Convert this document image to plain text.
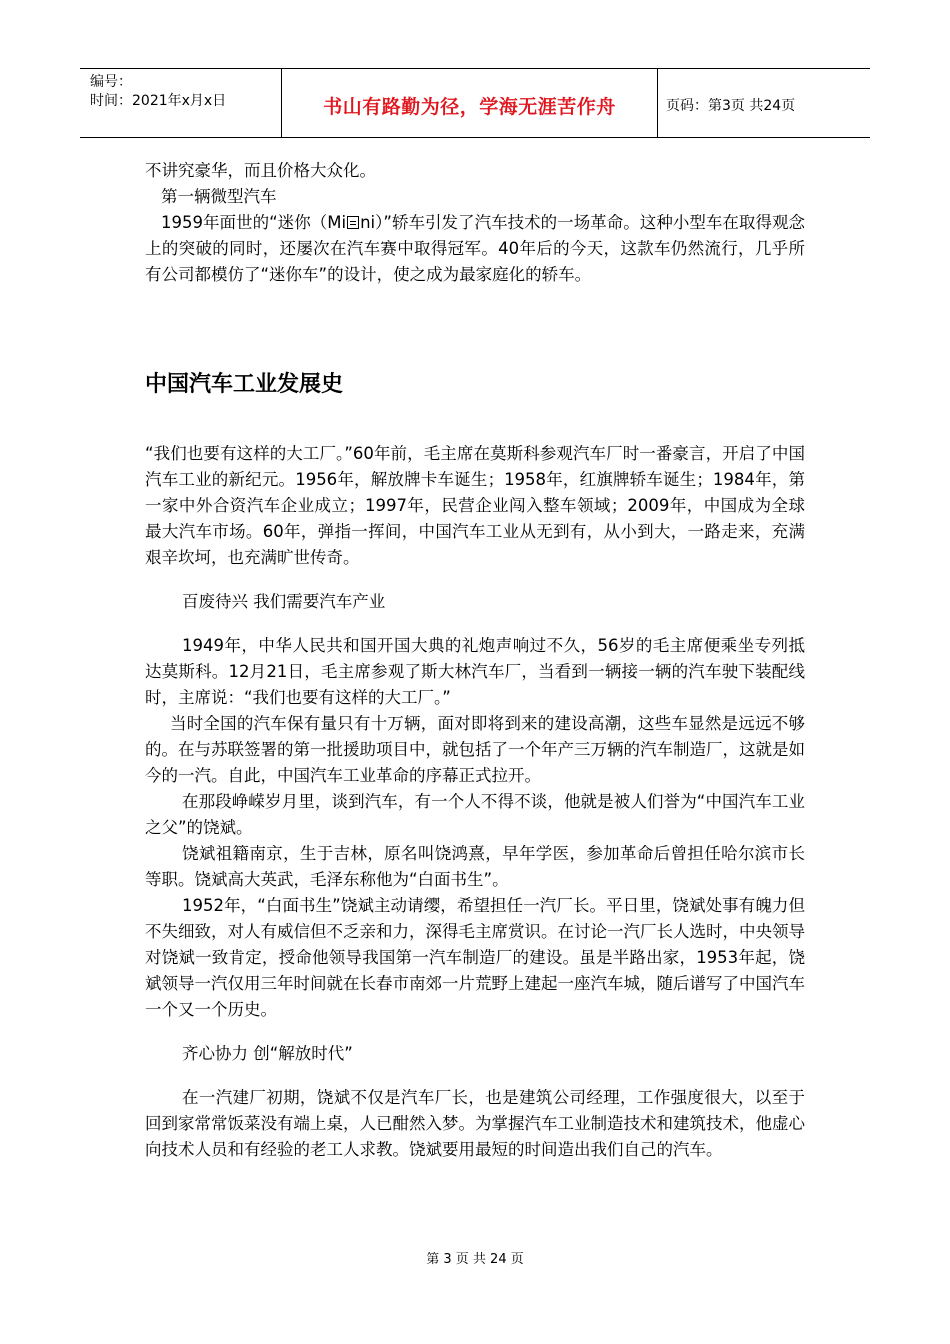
编号：
时间：2021年x月x日	书山有路勤为径，学海无涯苦作舟	页码：第3页 共24页

不讲究豪华，而且价格大众化。

第一辆微型汽车

1959年面世的“迷你（Mi ni）”轿车引发了汽车技术的一场革命。这种小型车在取得观念上的突破的同时，还屡次在汽车赛中取得冠军。40年后的今天，这款车仍然流行，几乎所有公司都模仿了“迷你车”的设计，使之成为最家庭化的轿车。

中国汽车工业发展史

“我们也要有这样的大工厂。”60年前，毛主席在莫斯科参观汽车厂时一番豪言，开启了中国汽车工业的新纪元。1956年，解放牌卡车诞生；1958年，红旗牌轿车诞生；1984年，第一家中外合资汽车企业成立；1997年，民营企业闯入整车领域；2009年，中国成为全球最大汽车市场。60年，弹指一挥间，中国汽车工业从无到有，从小到大，一路走来，充满艰辛坎坷，也充满旷世传奇。

百废待兴 我们需要汽车产业

1949年，中华人民共和国开国大典的礼炮声响过不久，56岁的毛主席便乘坐专列抵达莫斯科。12月21日，毛主席参观了斯大林汽车厂，当看到一辆接一辆的汽车驶下装配线时，主席说：“我们也要有这样的大工厂。”

当时全国的汽车保有量只有十万辆，面对即将到来的建设高潮，这些车显然是远远不够的。在与苏联签署的第一批援助项目中，就包括了一个年产三万辆的汽车制造厂，这就是如今的一汽。自此，中国汽车工业革命的序幕正式拉开。

在那段峥嵘岁月里，谈到汽车，有一个人不得不谈，他就是被人们誉为“中国汽车工业之父”的饶斌。

饶斌祖籍南京，生于吉林，原名叫饶鸿熹，早年学医，参加革命后曾担任哈尔滨市长等职。饶斌高大英武，毛泽东称他为“白面书生”。

1952年，“白面书生”饶斌主动请缨，希望担任一汽厂长。平日里，饶斌处事有魄力但不失细致，对人有威信但不乏亲和力，深得毛主席赏识。在讨论一汽厂长人选时，中央领导对饶斌一致肯定，授命他领导我国第一汽车制造厂的建设。虽是半路出家，1953年起，饶斌领导一汽仅用三年时间就在长春市南郊一片荒野上建起一座汽车城，随后谱写了中国汽车一个又一个历史。

齐心协力 创“解放时代”

在一汽建厂初期，饶斌不仅是汽车厂长，也是建筑公司经理，工作强度很大，以至于回到家常常饭菜没有端上桌，人已酣然入梦。为掌握汽车工业制造技术和建筑技术，他虚心向技术人员和有经验的老工人求教。饶斌要用最短的时间造出我们自己的汽车。

第 3 页 共 24 页
